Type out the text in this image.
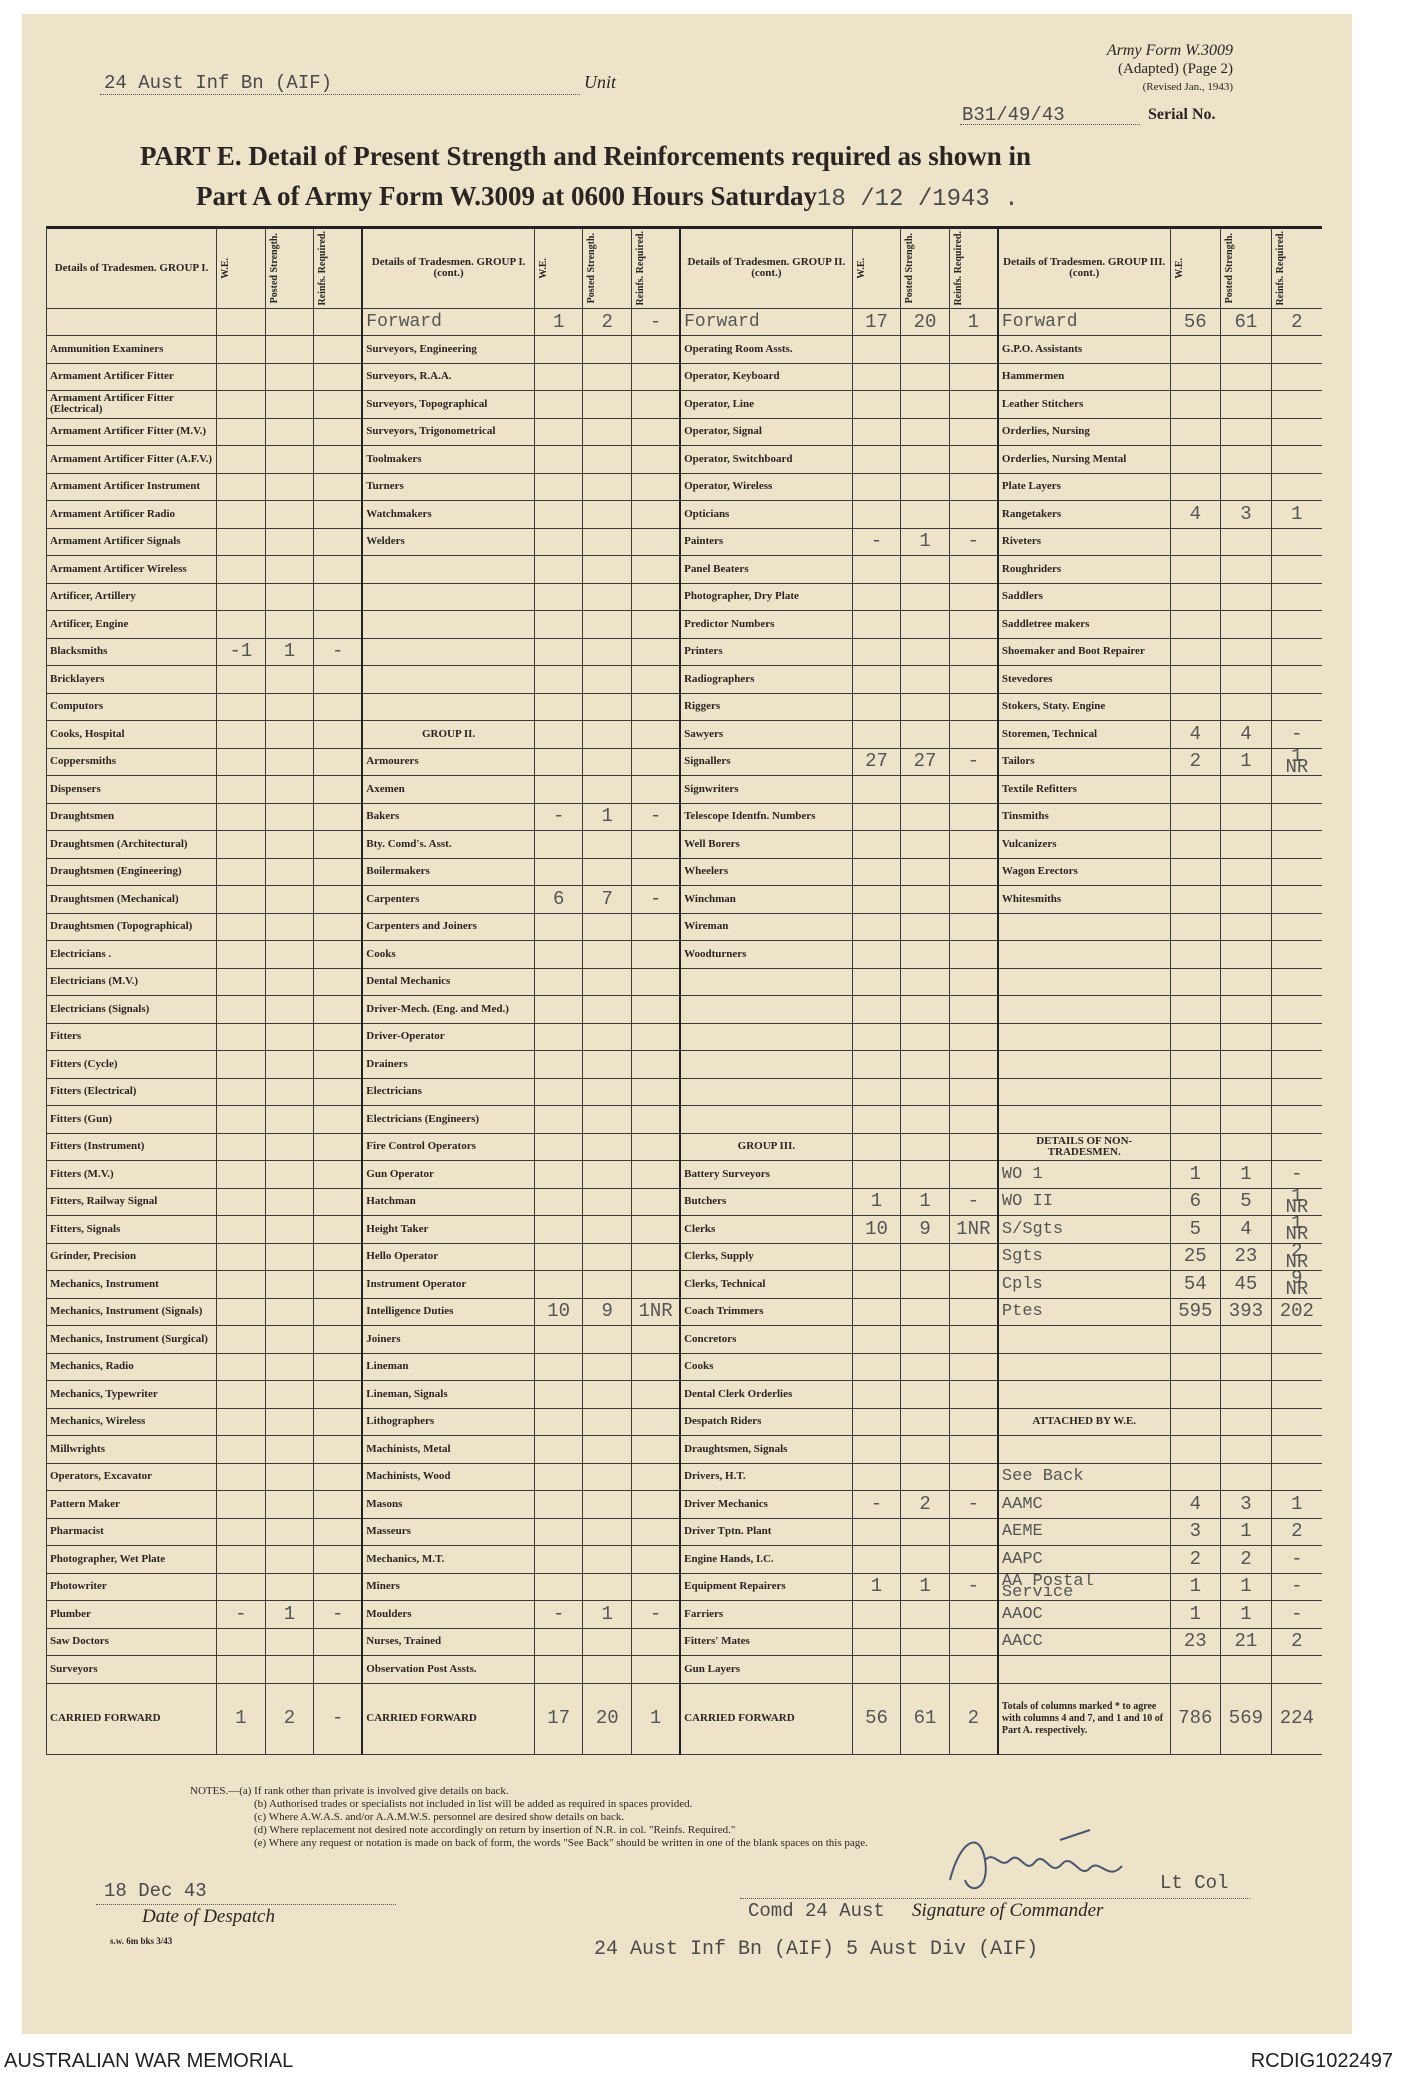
24 Aust Inf Bn (AIF)	Unit
Army Form W.3009
(Adapted) (Page 2)
(Revised Jan., 1943)
B31/49/43	Serial No.
PART E. Detail of Present Strength and Reinforcements required as shown in
Part A of Army Form W.3009 at 0600 Hours Saturday18 /12 /1943 .
Details of Tradesmen. GROUP I.	W.E.	Posted Strength.	Reinfs. Required.	Details of Tradesmen. GROUP I. (cont.)	W.E.	Posted Strength.	Reinfs. Required.	Details of Tradesmen. GROUP II. (cont.)	W.E.	Posted Strength.	Reinfs. Required.	Details of Tradesmen. GROUP III. (cont.)	W.E.	Posted Strength.	Reinfs. Required.

				Forward	1	2	-	Forward	17	20	1	Forward	56	61	2
Ammunition Examiners				Surveyors, Engineering				Operating Room Assts.				G.P.O. Assistants			
Armament Artificer Fitter				Surveyors, R.A.A.				Operator, Keyboard				Hammermen			
Armament Artificer Fitter (Electrical)				Surveyors, Topographical				Operator, Line				Leather Stitchers			
Armament Artificer Fitter (M.V.)				Surveyors, Trigonometrical				Operator, Signal				Orderlies, Nursing			
Armament Artificer Fitter (A.F.V.)				Toolmakers				Operator, Switchboard				Orderlies, Nursing Mental			
Armament Artificer Instrument				Turners				Operator, Wireless				Plate Layers			
Armament Artificer Radio				Watchmakers				Opticians				Rangetakers	4	3	1
Armament Artificer Signals				Welders				Painters	-	1	-	Riveters			
Armament Artificer Wireless								Panel Beaters				Roughriders			
Artificer, Artillery								Photographer, Dry Plate				Saddlers			
Artificer, Engine								Predictor Numbers				Saddletree makers			
Blacksmiths	-1	1	-					Printers				Shoemaker and Boot Repairer			
Bricklayers								Radiographers				Stevedores			
Computors								Riggers				Stokers, Staty. Engine			
Cooks, Hospital				GROUP II.				Sawyers				Storemen, Technical	4	4	-
Coppersmiths				Armourers				Signallers	27	27	-	Tailors	2	1	1 NR
Dispensers				Axemen				Signwriters				Textile Refitters			
Draughtsmen				Bakers	-	1	-	Telescope Identfn. Numbers				Tinsmiths			
Draughtsmen (Architectural)				Bty. Comd's. Asst.				Well Borers				Vulcanizers			
Draughtsmen (Engineering)				Boilermakers				Wheelers				Wagon Erectors			
Draughtsmen (Mechanical)				Carpenters	6	7	-	Winchman				Whitesmiths			
Draughtsmen (Topographical)				Carpenters and Joiners				Wireman							
Electricians .				Cooks				Woodturners							
Electricians (M.V.)				Dental Mechanics											
Electricians (Signals)				Driver-Mech. (Eng. and Med.)											
Fitters				Driver-Operator											
Fitters (Cycle)				Drainers											
Fitters (Electrical)				Electricians											
Fitters (Gun)				Electricians (Engineers)											
Fitters (Instrument)				Fire Control Operators				GROUP III.				DETAILS OF NON-TRADESMEN.			
Fitters (M.V.)				Gun Operator				Battery Surveyors				WO 1	1	1	-
Fitters, Railway Signal				Hatchman				Butchers	1	1	-	WO II	6	5	1 NR
Fitters, Signals				Height Taker				Clerks	10	9	1NR	S/Sgts	5	4	1 NR
Grinder, Precision				Hello Operator				Clerks, Supply				Sgts	25	23	2 NR
Mechanics, Instrument				Instrument Operator				Clerks, Technical				Cpls	54	45	9 NR
Mechanics, Instrument (Signals)				Intelligence Duties	10	9	1NR	Coach Trimmers				Ptes	595	393	202
Mechanics, Instrument (Surgical)				Joiners				Concretors							
Mechanics, Radio				Lineman				Cooks							
Mechanics, Typewriter				Lineman, Signals				Dental Clerk Orderlies							
Mechanics, Wireless				Lithographers				Despatch Riders				ATTACHED BY W.E.			
Millwrights				Machinists, Metal				Draughtsmen, Signals							
Operators, Excavator				Machinists, Wood				Drivers, H.T.				See Back			
Pattern Maker				Masons				Driver Mechanics	-	2	-	AAMC	4	3	1
Pharmacist				Masseurs				Driver Tptn. Plant				AEME	3	1	2
Photographer, Wet Plate				Mechanics, M.T.				Engine Hands, I.C.				AAPC	2	2	-
Photowriter				Miners				Equipment Repairers	1	1	-	AA Postal Service	1	1	-
Plumber	-	1	-	Moulders	-	1	-	Farriers				AAOC	1	1	-
Saw Doctors				Nurses, Trained				Fitters' Mates				AACC	23	21	2
Surveyors				Observation Post Assts.				Gun Layers							
CARRIED FORWARD	1	2	-	CARRIED FORWARD	17	20	1	CARRIED FORWARD	56	61	2	Totals of columns marked * to agree with columns 4 and 7, and 1 and 10 of Part A. respectively.	786	569	224
NOTES.—(a) If rank other than private is involved give details on back.
(b) Authorised trades or specialists not included in list will be added as required in spaces provided.
(c) Where A.W.A.S. and/or A.A.M.W.S. personnel are desired show details on back.
(d) Where replacement not desired note accordingly on return by insertion of N.R. in col. "Reinfs. Required."
(e) Where any request or notation is made on back of form, the words "See Back" should be written in one of the blank spaces on this page.
18 Dec 43
Date of Despatch
s.w. 6m bks 3/43
Lt Col
Comd 24 Aust Signature of Commander
24 Aust Inf Bn (AIF) 5 Aust Div (AIF)
AUSTRALIAN WAR MEMORIAL	RCDIG1022497
